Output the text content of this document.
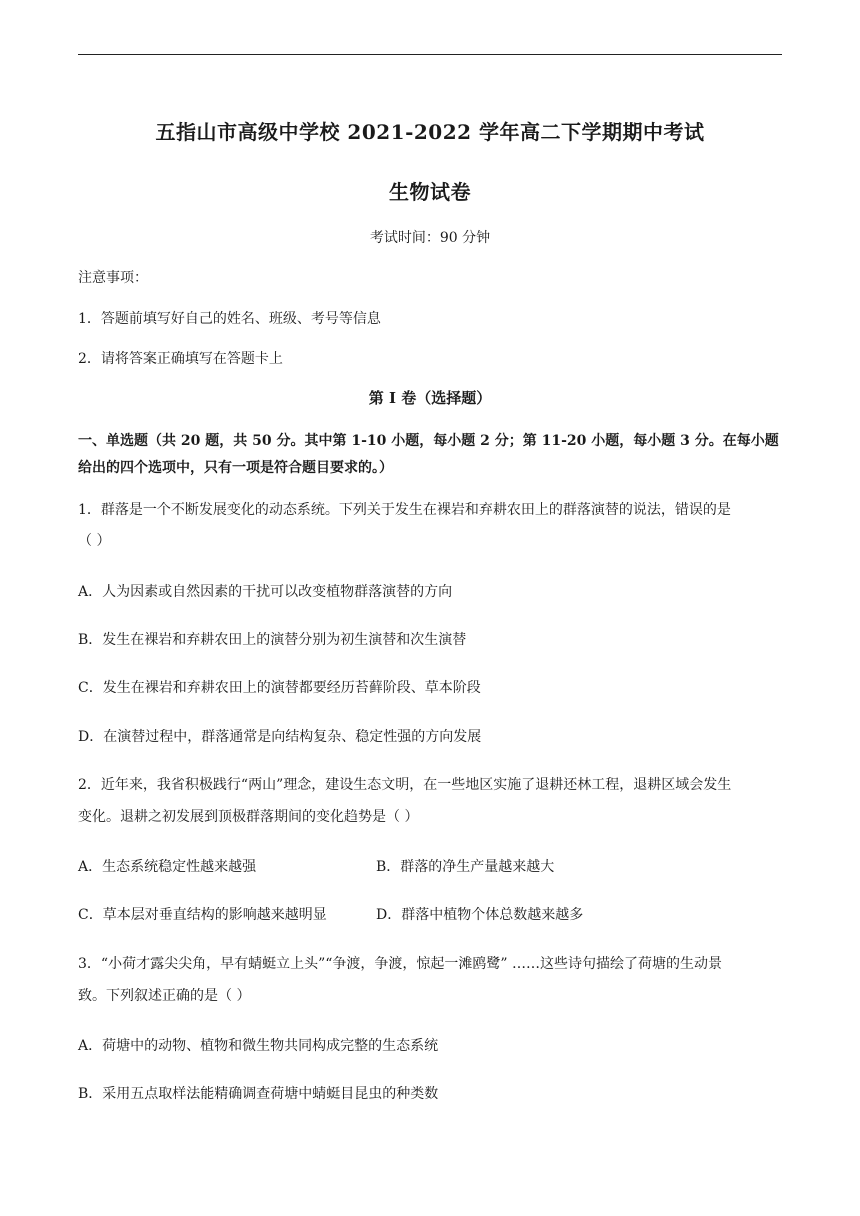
五指山市高级中学校 2021-2022 学年高二下学期期中考试
生物试卷
考试时间：90 分钟
注意事项：
1．答题前填写好自己的姓名、班级、考号等信息
2．请将答案正确填写在答题卡上
第 I 卷（选择题）
一、单选题（共 20 题，共 50 分。其中第 1-10 小题，每小题 2 分；第 11-20 小题，每小题 3 分。在每小题
给出的四个选项中，只有一项是符合题目要求的。）
1．群落是一个不断发展变化的动态系统。下列关于发生在裸岩和弃耕农田上的群落演替的说法，错误的是
（ ）
A．人为因素或自然因素的干扰可以改变植物群落演替的方向
B．发生在裸岩和弃耕农田上的演替分别为初生演替和次生演替
C．发生在裸岩和弃耕农田上的演替都要经历苔藓阶段、草本阶段
D．在演替过程中，群落通常是向结构复杂、稳定性强的方向发展
2．近年来，我省积极践行“两山”理念，建设生态文明，在一些地区实施了退耕还林工程，退耕区域会发生
变化。退耕之初发展到顶极群落期间的变化趋势是（ ）
A．生态系统稳定性越来越强	B．群落的净生产量越来越大
C．草本层对垂直结构的影响越来越明显	D．群落中植物个体总数越来越多
3．“小荷才露尖尖角，早有蜻蜓立上头”“争渡，争渡，惊起一滩鸥鹭” ……这些诗句描绘了荷塘的生动景
致。下列叙述正确的是（ ）
A．荷塘中的动物、植物和微生物共同构成完整的生态系统
B．采用五点取样法能精确调查荷塘中蜻蜓目昆虫的种类数
